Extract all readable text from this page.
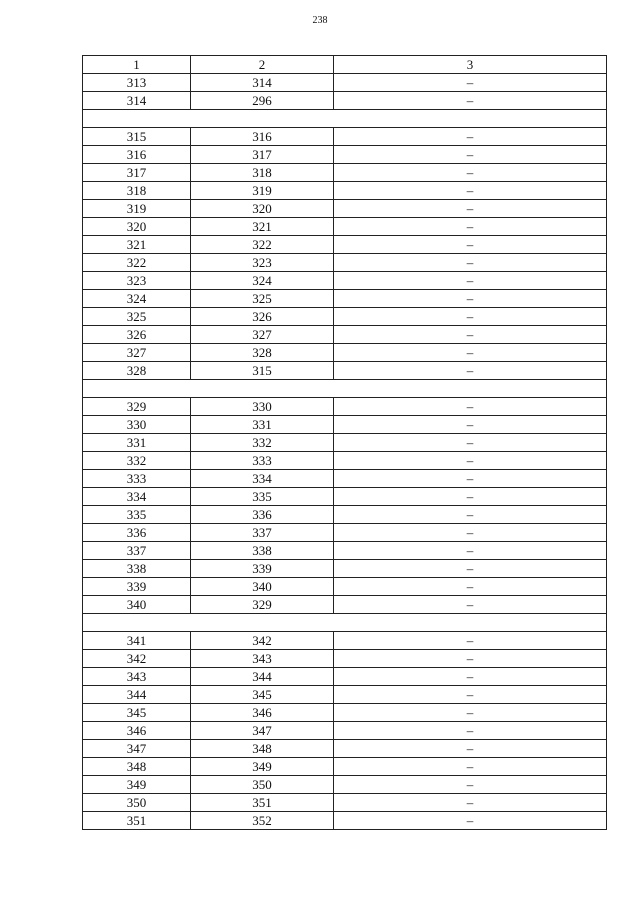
238
1	2	3
313	314	–
314	296	–

315	316	–
316	317	–
317	318	–
318	319	–
319	320	–
320	321	–
321	322	–
322	323	–
323	324	–
324	325	–
325	326	–
326	327	–
327	328	–
328	315	–

329	330	–
330	331	–
331	332	–
332	333	–
333	334	–
334	335	–
335	336	–
336	337	–
337	338	–
338	339	–
339	340	–
340	329	–

341	342	–
342	343	–
343	344	–
344	345	–
345	346	–
346	347	–
347	348	–
348	349	–
349	350	–
350	351	–
351	352	–
